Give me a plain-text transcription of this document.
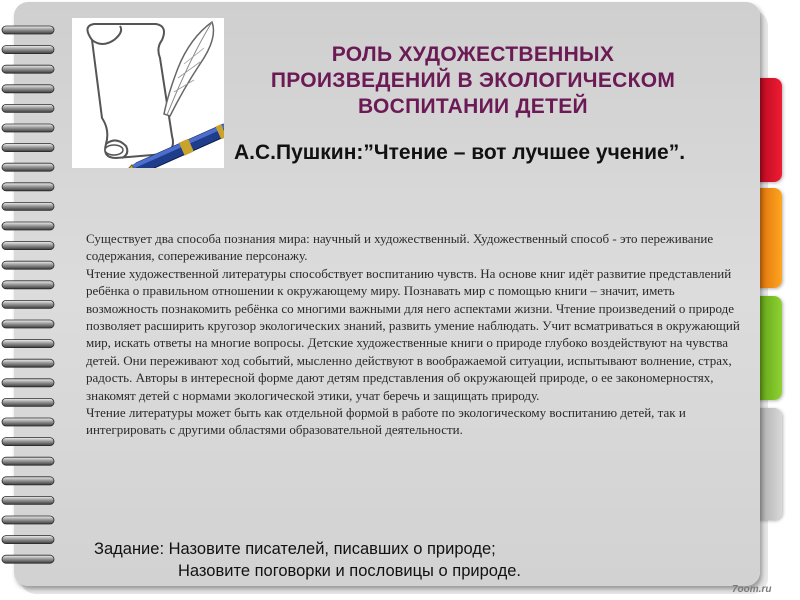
РОЛЬ ХУДОЖЕСТВЕННЫХ ПРОИЗВЕДЕНИЙ В ЭКОЛОГИЧЕСКОМ ВОСПИТАНИИ ДЕТЕЙ

А.С.Пушкин:”Чтение – вот лучшее учение”.

Существует два способа познания мира: научный и художественный. Художественный способ - это переживание содержания, сопереживание персонажу.

Чтение художественной литературы способствует воспитанию чувств. На основе книг идёт развитие представлений ребёнка о правильном отношении к окружающему миру. Познавать мир с помощью книги – значит, иметь возможность познакомить ребёнка со многими важными для него аспектами жизни. Чтение произведений о природе позволяет расширить кругозор экологических знаний, развить умение наблюдать. Учит всматриваться в окружающий мир, искать ответы на многие вопросы. Детские художественные книги о природе глубоко воздействуют на чувства детей. Они переживают ход событий, мысленно действуют в воображаемой ситуации, испытывают волнение, страх, радость. Авторы в интересной форме дают детям представления об окружающей природе, о ее закономерностях, знакомят детей с нормами экологической этики, учат беречь и защищать природу.

Чтение литературы может быть как отдельной формой в работе по экологическому воспитанию детей, так и интегрировать с другими областями образовательной деятельности.

Задание: Назовите писателей, писавших о природе;
Назовите поговорки и пословицы о природе.
7oom.ru
